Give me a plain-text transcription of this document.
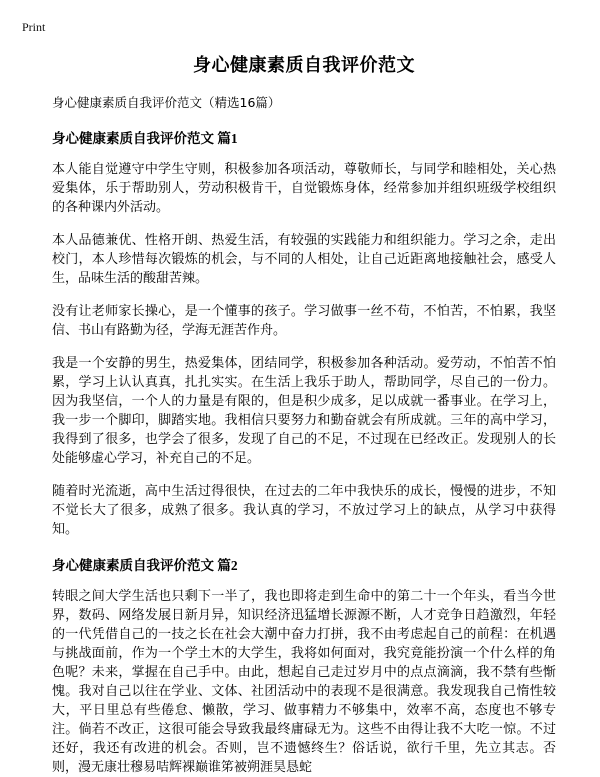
Print
身心健康素质自我评价范文
身心健康素质自我评价范文（精选16篇）
身心健康素质自我评价范文 篇1

本人能自觉遵守中学生守则，积极参加各项活动，尊敬师长，与同学和睦相处，关心热爱集体，乐于帮助别人，劳动积极肯干，自觉锻炼身体，经常参加并组织班级学校组织的各种课内外活动。

本人品德兼优、性格开朗、热爱生活，有较强的实践能力和组织能力。学习之余，走出校门，本人珍惜每次锻炼的机会，与不同的人相处，让自己近距离地接触社会，感受人生，品味生活的酸甜苦辣。

没有让老师家长操心，是一个懂事的孩子。学习做事一丝不苟，不怕苦，不怕累，我坚信、书山有路勤为径，学海无涯苦作舟。

我是一个安静的男生，热爱集体，团结同学，积极参加各种活动。爱劳动，不怕苦不怕累，学习上认认真真，扎扎实实。在生活上我乐于助人，帮助同学，尽自己的一份力。因为我坚信，一个人的力量是有限的，但是积少成多，足以成就一番事业。在学习上，我一步一个脚印，脚踏实地。我相信只要努力和勤奋就会有所成就。三年的高中学习，我得到了很多，也学会了很多，发现了自己的不足，不过现在已经改正。发现别人的长处能够虚心学习，补充自己的不足。

随着时光流逝，高中生活过得很快，在过去的二年中我快乐的成长，慢慢的进步，不知不觉长大了很多，成熟了很多。我认真的学习，不放过学习上的缺点，从学习中获得知。

身心健康素质自我评价范文 篇2

转眼之间大学生活也只剩下一半了，我也即将走到生命中的第二十一个年头，看当今世界，数码、网络发展日新月异，知识经济迅猛增长源源不断，人才竞争日趋激烈，年轻的一代凭借自己的一技之长在社会大潮中奋力打拼，我不由考虑起自己的前程：在机遇与挑战面前，作为一个学土木的大学生，我将如何面对，我究竟能扮演一个什么样的角色呢？未来，掌握在自己手中。由此，想起自己走过岁月中的点点滴滴，我不禁有些惭愧。我对自己以往在学业、文体、社团活动中的表现不是很满意。我发现我自己惰性较大，平日里总有些倦怠、懒散，学习、做事精力不够集中，效率不高，态度也不够专注。倘若不改正，这很可能会导致我最终庸碌无为。这些不由得让我不大吃一惊。不过还好，我还有改进的机会。否则，岂不遗憾终生？俗话说，欲行千里，先立其志。否则，漫无康壮穆易咭辉裸巅谁笫被朔涯昊恳蛇
